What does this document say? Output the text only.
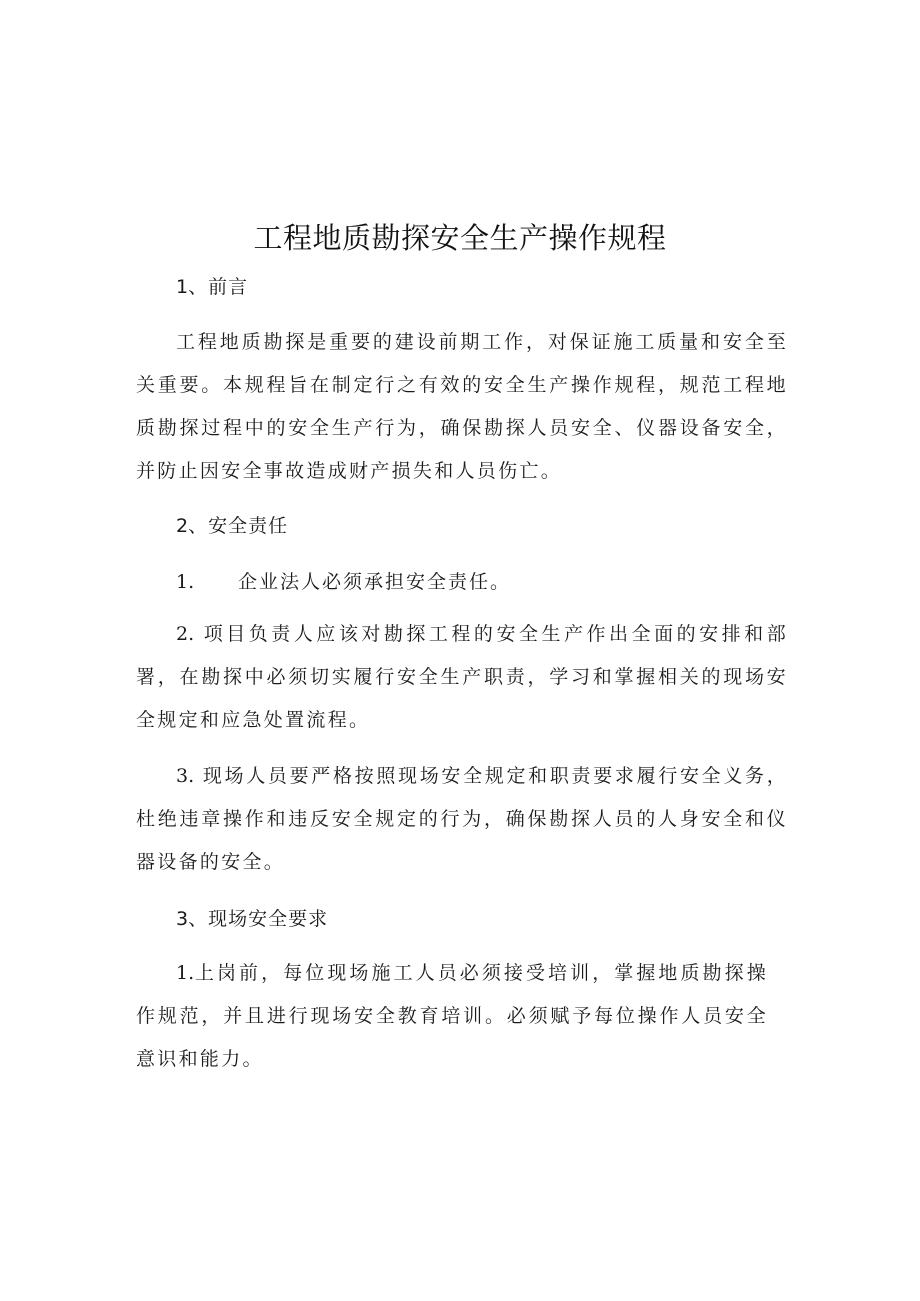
工程地质勘探安全生产操作规程
1、前言

工程地质勘探是重要的建设前期工作，对保证施工质量和安全至关重要。本规程旨在制定行之有效的安全生产操作规程，规范工程地质勘探过程中的安全生产行为，确保勘探人员安全、仪器设备安全，并防止因安全事故造成财产损失和人员伤亡。

2、安全责任
1. 企业法人必须承担安全责任。

2. 项目负责人应该对勘探工程的安全生产作出全面的安排和部署，在勘探中必须切实履行安全生产职责，学习和掌握相关的现场安全规定和应急处置流程。

3. 现场人员要严格按照现场安全规定和职责要求履行安全义务，杜绝违章操作和违反安全规定的行为，确保勘探人员的人身安全和仪器设备的安全。

3、现场安全要求

1.上岗前，每位现场施工人员必须接受培训，掌握地质勘探操作规范，并且进行现场安全教育培训。必须赋予每位操作人员安全意识和能力。
